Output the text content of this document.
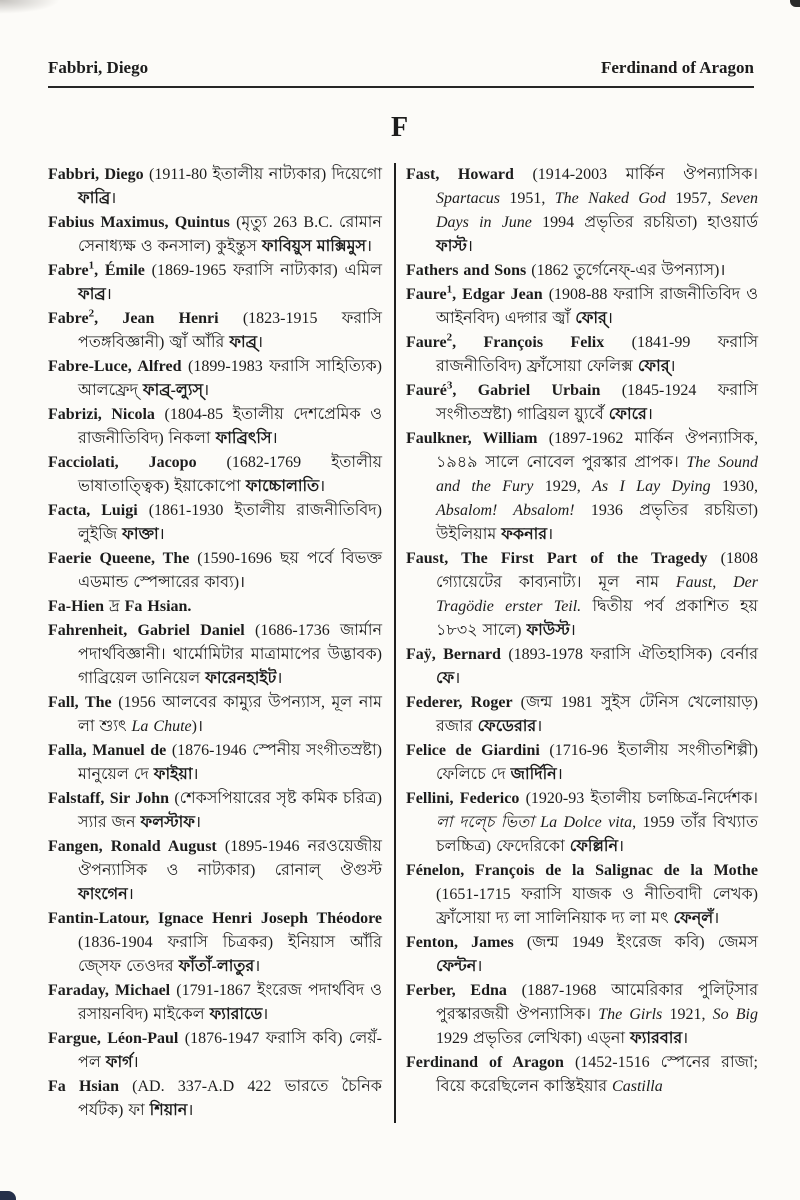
Fabbri, Diego	Ferdinand of Aragon
F

Fabbri, Diego (1911-80 ইতালীয় নাট্যকার) দিয়েগো ফাব্রি।

Fabius Maximus, Quintus (মৃত্যু 263 B.C. রোমান সেনাধ্যক্ষ ও কনসাল) কুইন্তুস ফাবিয়ুস মাক্সিমুস।

Fabre$^1$, Émile (1869-1965 ফরাসি নাট্যকার) এমিল ফাব্র।

Fabre$^2$, Jean Henri (1823-1915 ফরাসি পতঙ্গবিজ্ঞানী) জ্বাঁ আঁরি ফাব্র্।

Fabre-Luce, Alfred (1899-1983 ফরাসি সাহিত্যিক) আলফ্রেদ্ ফাব্র্-ল্যুস্।

Fabrizi, Nicola (1804-85 ইতালীয় দেশপ্রেমিক ও রাজনীতিবিদ) নিকলা ফাব্রিৎসি।

Facciolati, Jacopo (1682-1769 ইতালীয় ভাষাতাত্ত্বিক) ইয়াকোপো ফাচ্চোলাতি।

Facta, Luigi (1861-1930 ইতালীয় রাজনীতিবিদ) লুইজি ফাক্তা।

Faerie Queene, The (1590-1696 ছয় পর্বে বিভক্ত এডমান্ড স্পেন্সারের কাব্য)।

Fa-Hien দ্র Fa Hsian.

Fahrenheit, Gabriel Daniel (1686-1736 জার্মান পদার্থবিজ্ঞানী। থার্মোমিটার মাত্রামাপের উদ্ভাবক) গাব্রিয়েল ডানিয়েল ফারেনহাইট।

Fall, The (1956 আলবের কাম্যুর উপন্যাস, মূল নাম লা শ্যুৎ La Chute)।

Falla, Manuel de (1876-1946 স্পেনীয় সংগীতস্রষ্টা) মানুয়েল দে ফাইয়া।

Falstaff, Sir John (শেকসপিয়ারের সৃষ্ট কমিক চরিত্র) স্যার জন ফলস্টাফ।

Fangen, Ronald August (1895-1946 নরওয়েজীয় ঔপন্যাসিক ও নাট্যকার) রোনাল্ ঔগুস্ট ফাংগেন।

Fantin-Latour, Ignace Henri Joseph Théodore (1836-1904 ফরাসি চিত্রকর) ইনিয়াস আঁরি জ্সেফ তেওদর ফাঁতাঁ-লাতুর।

Faraday, Michael (1791-1867 ইংরেজ পদার্থবিদ ও রসায়নবিদ) মাইকেল ফ্যারাডে।

Fargue, Léon-Paul (1876-1947 ফরাসি কবি) লেয়ঁ-পল ফার্গ।

Fa Hsian (AD. 337-A.D 422 ভারতে চৈনিক পর্যটক) ফা শিয়ান।

Fast, Howard (1914-2003 মার্কিন ঔপন্যাসিক। Spartacus 1951, The Naked God 1957, Seven Days in June 1994 প্রভৃতির রচয়িতা) হাওয়ার্ড ফাস্ট।

Fathers and Sons (1862 তুর্গেনেফ্-এর উপন্যাস)।

Faure$^1$, Edgar Jean (1908-88 ফরাসি রাজনীতিবিদ ও আইনবিদ) এদ্গার জ্বাঁ ফোর্।

Faure$^2$, François Felix (1841-99 ফরাসি রাজনীতিবিদ) ফ্রাঁসোয়া ফেলিক্স ফোর্।

Fauré$^3$, Gabriel Urbain (1845-1924 ফরাসি সংগীতস্রষ্টা) গাব্রিয়ল য়্যুর্বেঁ ফোরে।

Faulkner, William (1897-1962 মার্কিন ঔপন্যাসিক, ১৯৪৯ সালে নোবেল পুরস্কার প্রাপক। The Sound and the Fury 1929, As I Lay Dying 1930, Absalom! Absalom! 1936 প্রভৃতির রচয়িতা) উইলিয়াম ফকনার।

Faust, The First Part of the Tragedy (1808 গ্যোয়েটের কাব্যনাট্য। মূল নাম Faust, Der Tragödie erster Teil. দ্বিতীয় পর্ব প্রকাশিত হয় ১৮৩২ সালে) ফাউস্ট।

Faÿ, Bernard (1893-1978 ফরাসি ঐতিহাসিক) বের্নার ফে।

Federer, Roger (জন্ম 1981 সুইস টেনিস খেলোয়াড়) রজার ফেডেরার।

Felice de Giardini (1716-96 ইতালীয় সংগীতশিল্পী) ফেলিচে দে জার্দিনি।

Fellini, Federico (1920-93 ইতালীয় চলচ্চিত্র-নির্দেশক। লা দল্চে ভিতা La Dolce vita, 1959 তাঁর বিখ্যাত চলচ্চিত্র) ফেদেরিকো ফেল্লিনি।

Fénelon, François de la Salignac de la Mothe (1651-1715 ফরাসি যাজক ও নীতিবাদী লেখক) ফ্রাঁসোয়া দ্য লা সালিনিয়াক দ্য লা মৎ ফেন্লঁ।

Fenton, James (জন্ম 1949 ইংরেজ কবি) জেমস ফেন্টন।

Ferber, Edna (1887-1968 আমেরিকার পুলিট্সার পুরস্কারজয়ী ঔপন্যাসিক। The Girls 1921, So Big 1929 প্রভৃতির লেখিকা) এড্না ফ্যারবার।

Ferdinand of Aragon (1452-1516 স্পেনের রাজা; বিয়ে করেছিলেন কাস্তিইয়ার Castilla
